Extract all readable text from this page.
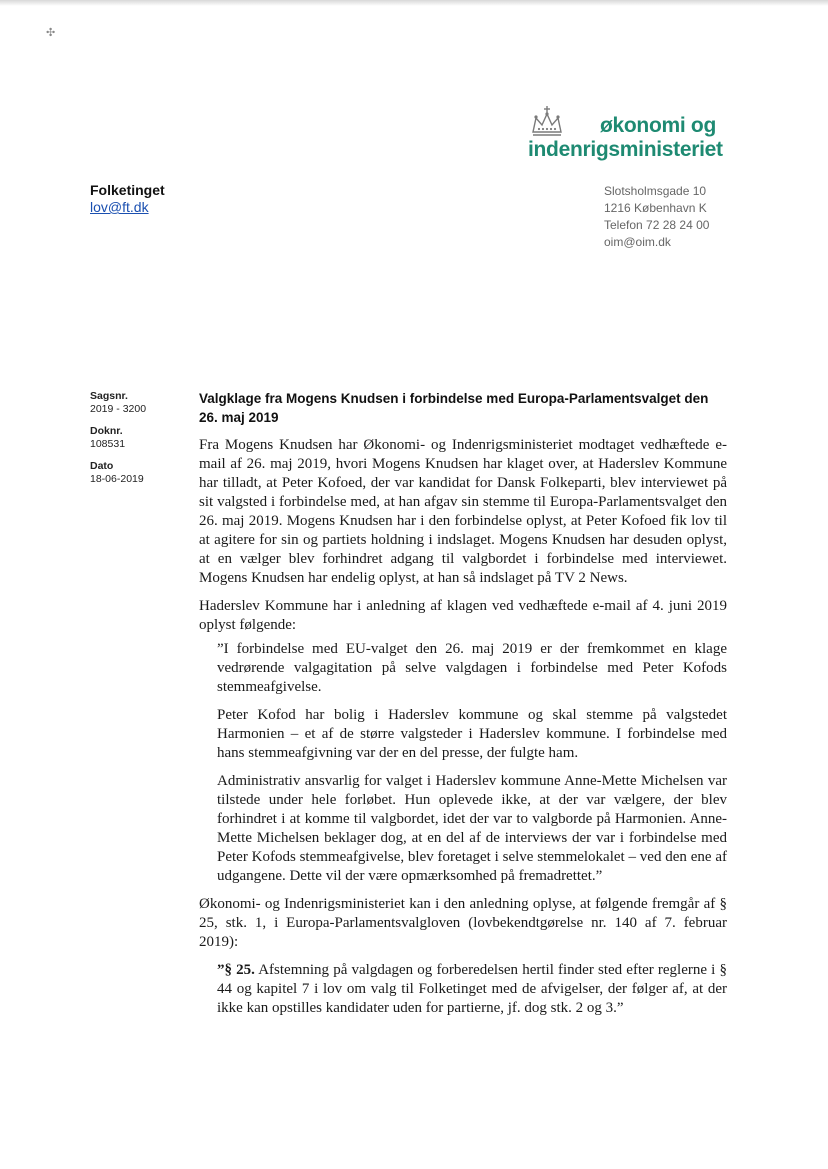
✣
økonomi og
indenrigsministeriet
Folketinget
lov@ft.dk
Slotsholmsgade 10
1216 København K
Telefon 72 28 24 00
oim@oim.dk
Sagsnr.
2019 - 3200
Doknr.
108531
Dato
18-06-2019
Valgklage fra Mogens Knudsen i forbindelse med Europa-Parlamentsvalget den 26. maj 2019

Fra Mogens Knudsen har Økonomi- og Indenrigsministeriet modtaget vedhæftede e-mail af 26. maj 2019, hvori Mogens Knudsen har klaget over, at Haderslev Kommune har tilladt, at Peter Kofoed, der var kandidat for Dansk Folkeparti, blev interviewet på sit valgsted i forbindelse med, at han afgav sin stemme til Europa-Parlamentsvalget den 26. maj 2019. Mogens Knudsen har i den forbindelse oplyst, at Peter Kofoed fik lov til at agitere for sin og partiets holdning i indslaget. Mogens Knudsen har desuden oplyst, at en vælger blev forhindret adgang til valgbordet i forbindelse med interviewet. Mogens Knudsen har endelig oplyst, at han så indslaget på TV 2 News.

Haderslev Kommune har i anledning af klagen ved vedhæftede e-mail af 4. juni 2019 oplyst følgende:

”I forbindelse med EU-valget den 26. maj 2019 er der fremkommet en klage vedrørende valgagitation på selve valgdagen i forbindelse med Peter Kofods stemmeafgivelse.

Peter Kofod har bolig i Haderslev kommune og skal stemme på valgstedet Harmonien – et af de større valgsteder i Haderslev kommune. I forbindelse med hans stemmeafgivning var der en del presse, der fulgte ham.

Administrativ ansvarlig for valget i Haderslev kommune Anne-Mette Michelsen var tilstede under hele forløbet. Hun oplevede ikke, at der var vælgere, der blev forhindret i at komme til valgbordet, idet der var to valgborde på Harmonien. Anne-Mette Michelsen beklager dog, at en del af de interviews der var i forbindelse med Peter Kofods stemmeafgivelse, blev foretaget i selve stemmelokalet – ved den ene af udgangene. Dette vil der være opmærksomhed på fremadrettet.”

Økonomi- og Indenrigsministeriet kan i den anledning oplyse, at følgende fremgår af § 25, stk. 1, i Europa-Parlamentsvalgloven (lovbekendtgørelse nr. 140 af 7. februar 2019):

”§ 25. Afstemning på valgdagen og forberedelsen hertil finder sted efter reglerne i § 44 og kapitel 7 i lov om valg til Folketinget med de afvigelser, der følger af, at der ikke kan opstilles kandidater uden for partierne, jf. dog stk. 2 og 3.”
